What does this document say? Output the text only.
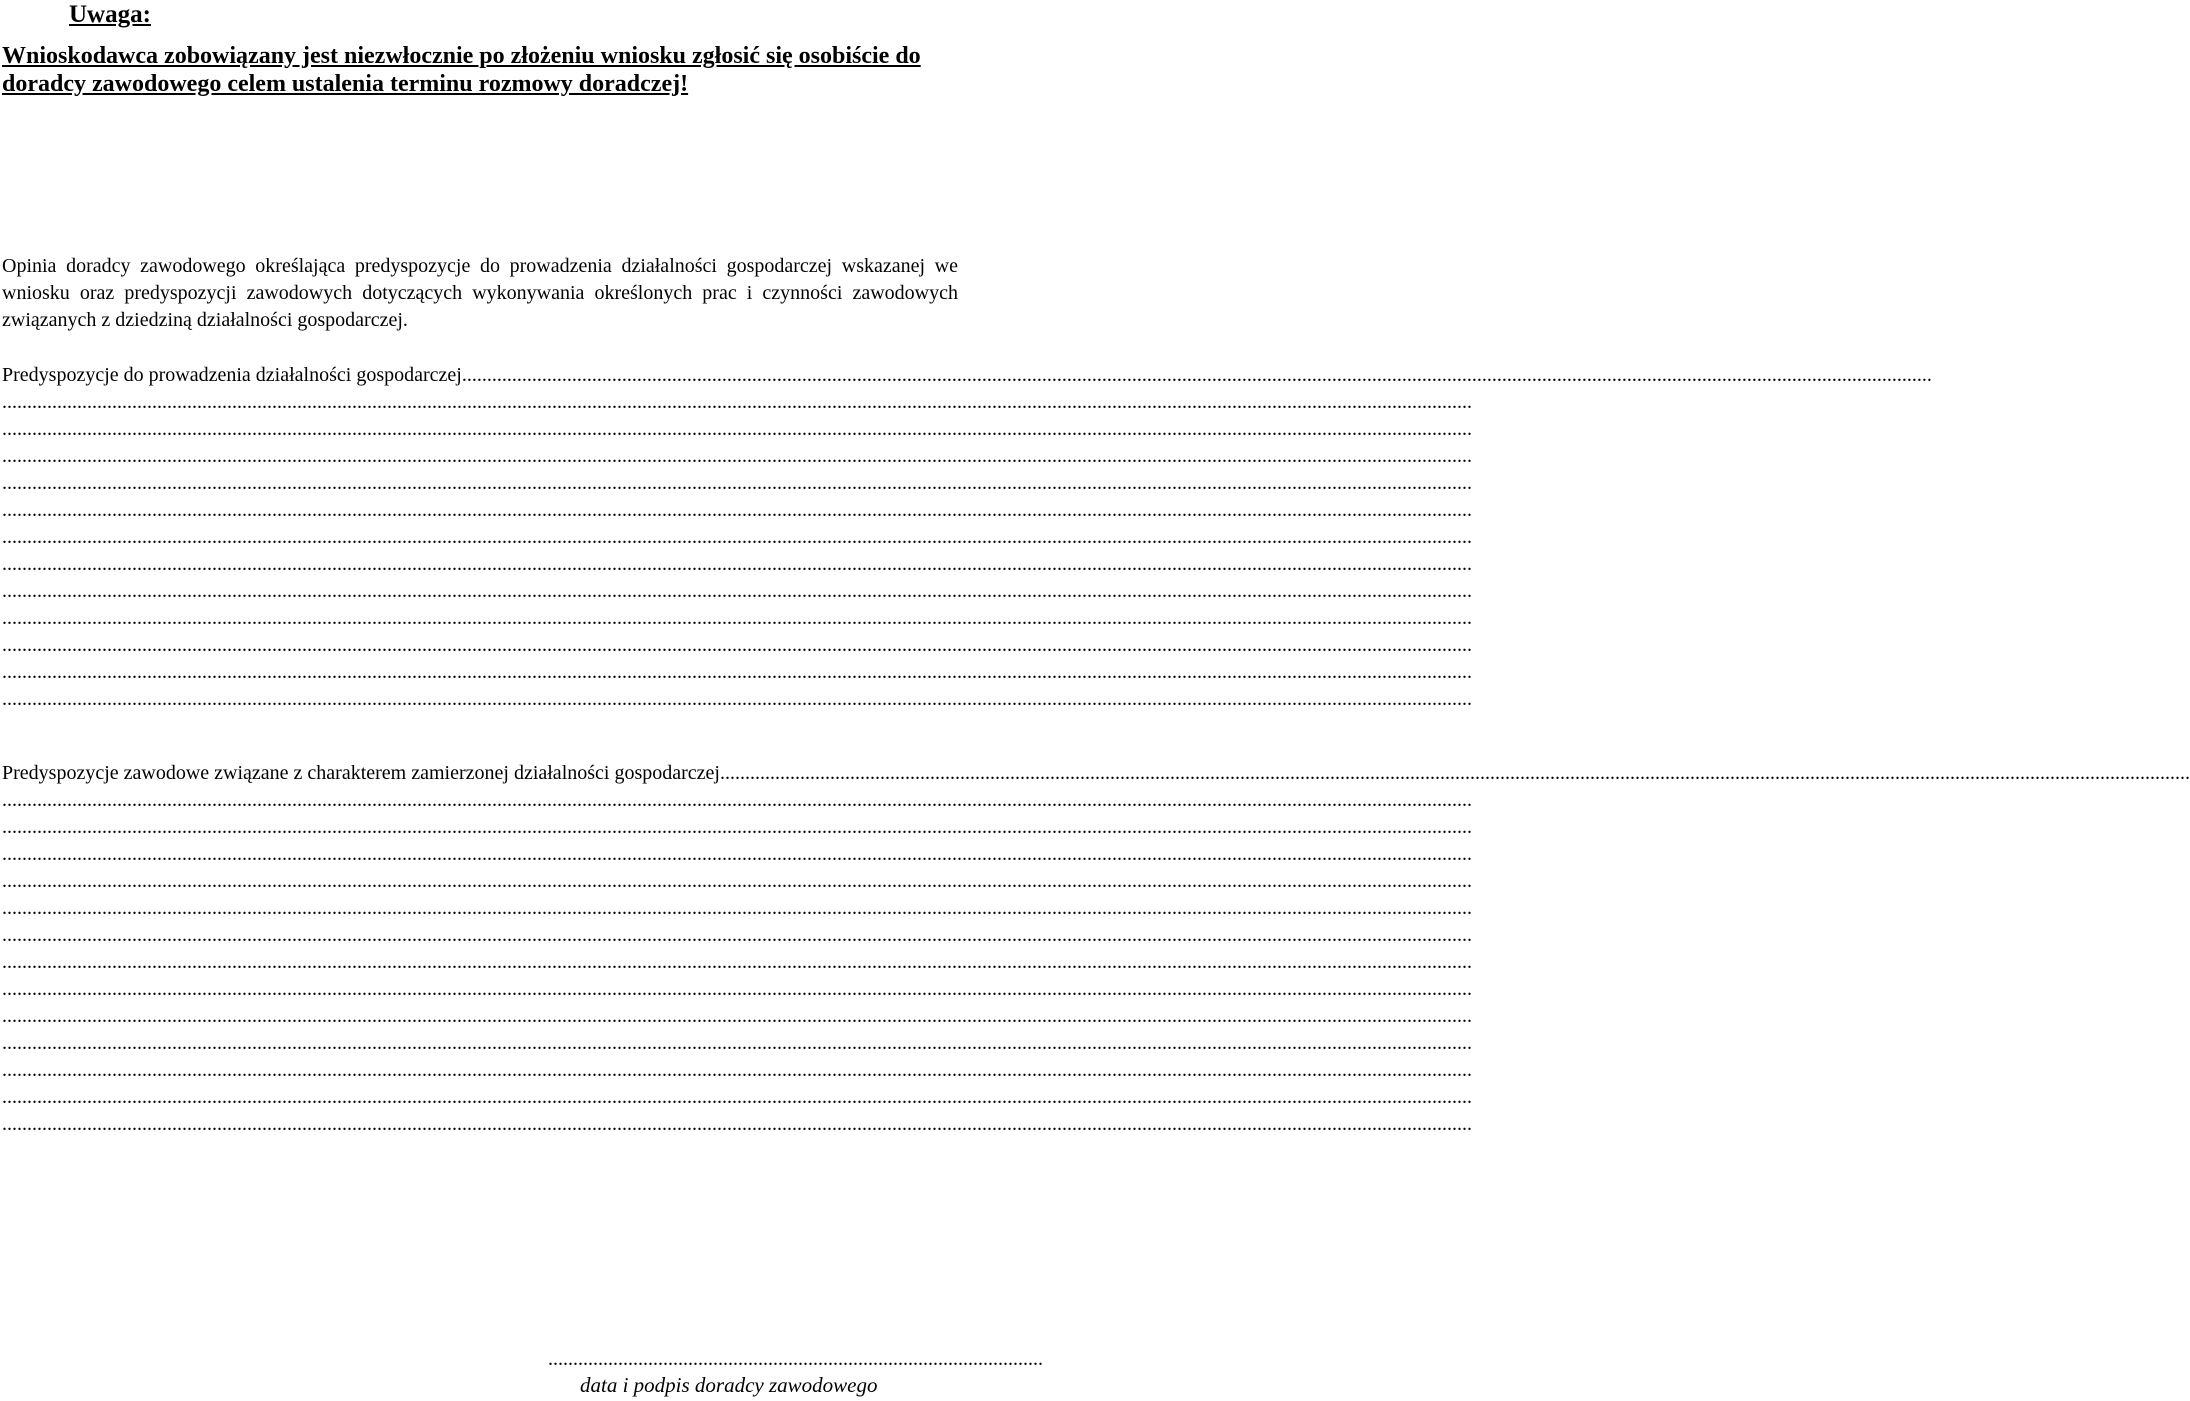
Uwaga:
Wnioskodawca zobowiązany jest niezwłocznie po złożeniu wniosku zgłosić się osobiście do doradcy zawodowego celem ustalenia terminu rozmowy doradczej!
Opinia doradcy zawodowego określająca predyspozycje do prowadzenia działalności gospodarczej wskazanej we wniosku oraz predyspozycji zawodowych dotyczących wykonywania określonych prac i czynności zawodowych związanych z dziedziną działalności gospodarczej.
Predyspozycje do prowadzenia działalności gospodarczej ......................................................................................................................................................................................................................................................................................................
......................................................................................................................................................................................................................................................................................................
......................................................................................................................................................................................................................................................................................................
......................................................................................................................................................................................................................................................................................................
......................................................................................................................................................................................................................................................................................................
......................................................................................................................................................................................................................................................................................................
......................................................................................................................................................................................................................................................................................................
......................................................................................................................................................................................................................................................................................................
......................................................................................................................................................................................................................................................................................................
......................................................................................................................................................................................................................................................................................................
......................................................................................................................................................................................................................................................................................................
......................................................................................................................................................................................................................................................................................................
......................................................................................................................................................................................................................................................................................................
Predyspozycje zawodowe związane z charakterem zamierzonej działalności gospodarczej ......................................................................................................................................................................................................................................................................................................
......................................................................................................................................................................................................................................................................................................
......................................................................................................................................................................................................................................................................................................
......................................................................................................................................................................................................................................................................................................
......................................................................................................................................................................................................................................................................................................
......................................................................................................................................................................................................................................................................................................
......................................................................................................................................................................................................................................................................................................
......................................................................................................................................................................................................................................................................................................
......................................................................................................................................................................................................................................................................................................
......................................................................................................................................................................................................................................................................................................
......................................................................................................................................................................................................................................................................................................
......................................................................................................................................................................................................................................................................................................
......................................................................................................................................................................................................................................................................................................
......................................................................................................................................................................................................................................................................................................
...................................................................................................
data i podpis doradcy zawodowego
